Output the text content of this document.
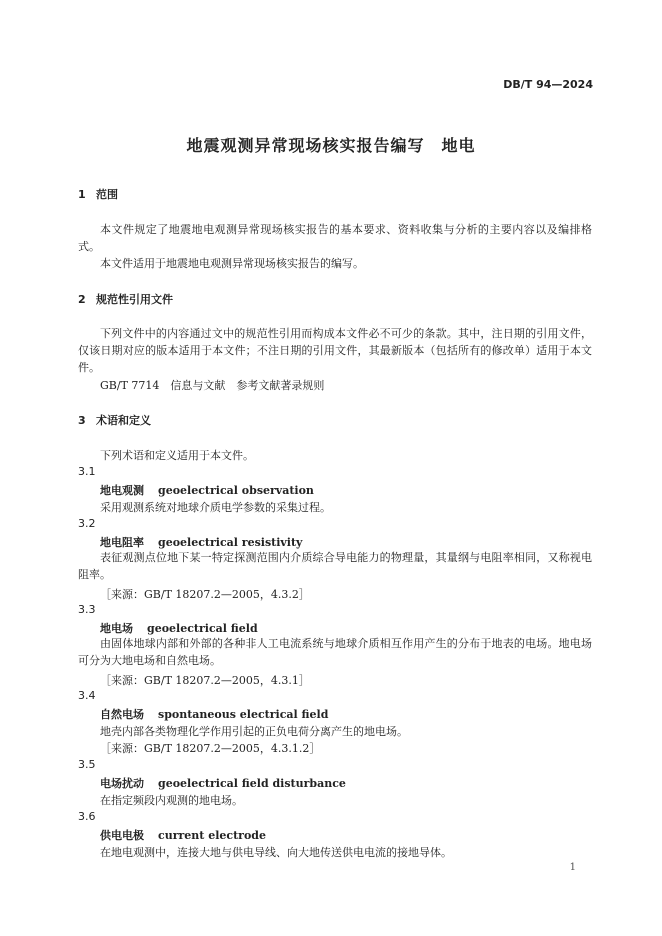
DB/T 94—2024
地震观测异常现场核实报告编写　地电
1 范围
本文件规定了地震地电观测异常现场核实报告的基本要求、资料收集与分析的主要内容以及编排格式。
本文件适用于地震地电观测异常现场核实报告的编写。
2 规范性引用文件
下列文件中的内容通过文中的规范性引用而构成本文件必不可少的条款。其中，注日期的引用文件，仅该日期对应的版本适用于本文件；不注日期的引用文件，其最新版本（包括所有的修改单）适用于本文件。
GB/T 7714　信息与文献　参考文献著录规则
3 术语和定义
下列术语和定义适用于本文件。
3.1
地电观测 geoelectrical observation
采用观测系统对地球介质电学参数的采集过程。
3.2
地电阻率 geoelectrical resistivity
表征观测点位地下某一特定探测范围内介质综合导电能力的物理量，其量纲与电阻率相同，又称视电阻率。
［来源：GB/T 18207.2—2005，4.3.2］
3.3
地电场 geoelectrical field
由固体地球内部和外部的各种非人工电流系统与地球介质相互作用产生的分布于地表的电场。地电场可分为大地电场和自然电场。
［来源：GB/T 18207.2—2005，4.3.1］
3.4
自然电场 spontaneous electrical field
地壳内部各类物理化学作用引起的正负电荷分离产生的地电场。
［来源：GB/T 18207.2—2005，4.3.1.2］
3.5
电场扰动 geoelectrical field disturbance
在指定频段内观测的地电场。
3.6
供电电极 current electrode
在地电观测中，连接大地与供电导线、向大地传送供电电流的接地导体。
1
